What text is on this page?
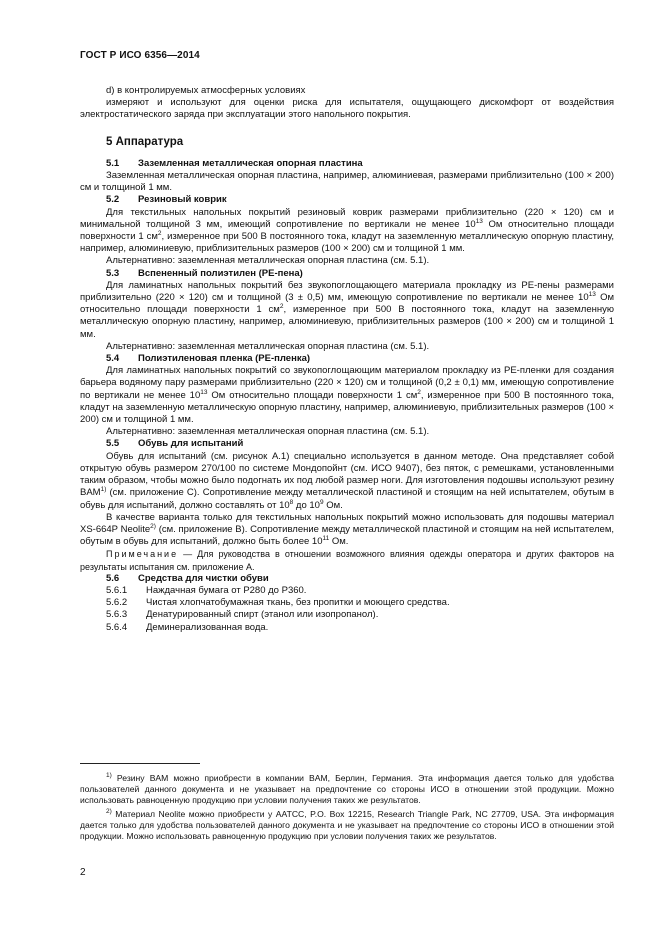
ГОСТ Р ИСО 6356—2014

d) в контролируемых атмосферных условиях

измеряют и используют для оценки риска для испытателя, ощущающего дискомфорт от воздействия электростатического заряда при эксплуатации этого напольного покрытия.

5 Аппаратура
5.1 Заземленная металлическая опорная пластина

Заземленная металлическая опорная пластина, например, алюминиевая, размерами приблизительно (100 × 200) см и толщиной 1 мм.

5.2 Резиновый коврик

Для текстильных напольных покрытий резиновый коврик размерами приблизительно (220 × 120) см и минимальной толщиной 3 мм, имеющий сопротивление по вертикали не менее $10^{13}$ Ом относительно площади поверхности 1 $см^2$, измеренное при 500 В постоянного тока, кладут на заземленную металлическую опорную пластину, например, алюминиевую, приблизительных размеров (100 × 200) см и толщиной 1 мм.

Альтернативно: заземленная металлическая опорная пластина (см. 5.1).

5.3 Вспененный полиэтилен (PE-пена)

Для ламинатных напольных покрытий без звукопоглощающего материала прокладку из PE-пены размерами приблизительно (220 × 120) см и толщиной (3 ± 0,5) мм, имеющую сопротивление по вертикали не менее $10^{13}$ Ом относительно площади поверхности 1 $см^2$, измеренное при 500 В постоянного тока, кладут на заземленную металлическую опорную пластину, например, алюминиевую, приблизительных размеров (100 × 200) см и толщиной 1 мм.

Альтернативно: заземленная металлическая опорная пластина (см. 5.1).

5.4 Полиэтиленовая пленка (PE-пленка)

Для ламинатных напольных покрытий со звукопоглощающим материалом прокладку из PE-пленки для создания барьера водяному пару размерами приблизительно (220 × 120) см и толщиной (0,2 ± 0,1) мм, имеющую сопротивление по вертикали не менее $10^{13}$ Ом относительно площади поверхности 1 $см^2$, измеренное при 500 В постоянного тока, кладут на заземленную металлическую опорную пластину, например, алюминиевую, приблизительных размеров (100 × 200) см и толщиной 1 мм.

Альтернативно: заземленная металлическая опорная пластина (см. 5.1).

5.5 Обувь для испытаний

Обувь для испытаний (см. рисунок А.1) специально используется в данном методе. Она представляет собой открытую обувь размером 270/100 по системе Мондопойнт (см. ИСО 9407), без пяток, с ремешками, установленными таким образом, чтобы можно было подогнать их под любой размер ноги. Для изготовления подошвы используют резину BAM$^{1)}$ (см. приложение С). Сопротивление между металлической пластиной и стоящим на ней испытателем, обутым в обувь для испытаний, должно составлять от $10^8$ до $10^9$ Ом.

В качестве варианта только для текстильных напольных покрытий можно использовать для подошвы материал XS-664P Neolite$^{2)}$ (см. приложение В). Сопротивление между металлической пластиной и стоящим на ней испытателем, обутым в обувь для испытаний, должно быть более $10^{11}$ Ом.

Примечание — Для руководства в отношении возможного влияния одежды оператора и других факторов на результаты испытания см. приложение А.

5.6 Средства для чистки обуви
5.6.1 Наждачная бумага от P280 до P360.
5.6.2 Чистая хлопчатобумажная ткань, без пропитки и моющего средства.
5.6.3 Денатурированный спирт (этанол или изопропанол).
5.6.4 Деминерализованная вода.

$^{1)}$ Резину BAM можно приобрести в компании BAM, Берлин, Германия. Эта информация дается только для удобства пользователей данного документа и не указывает на предпочтение со стороны ИСО в отношении этой продукции. Можно использовать равноценную продукцию при условии получения таких же результатов.

$^{2)}$ Материал Neolite можно приобрести у AATCC, P.O. Box 12215, Research Triangle Park, NC 27709, USA. Эта информация дается только для удобства пользователей данного документа и не указывает на предпочтение со стороны ИСО в отношении этой продукции. Можно использовать равноценную продукцию при условии получения таких же результатов.

2
